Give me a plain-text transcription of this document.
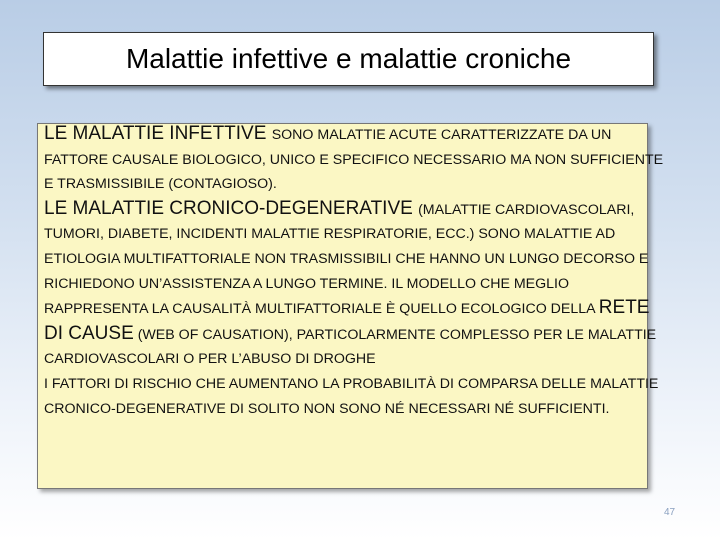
Malattie infettive e malattie croniche

LE MALATTIE INFETTIVE SONO MALATTIE ACUTE CARATTERIZZATE DA UN FATTORE CAUSALE BIOLOGICO, UNICO E SPECIFICO NECESSARIO MA NON SUFFICIENTE E TRASMISSIBILE (CONTAGIOSO).

LE MALATTIE CRONICO-DEGENERATIVE (MALATTIE CARDIOVASCOLARI, TUMORI, DIABETE, INCIDENTI MALATTIE RESPIRATORIE, ECC.) SONO MALATTIE AD ETIOLOGIA MULTIFATTORIALE NON TRASMISSIBILI CHE HANNO UN LUNGO DECORSO E RICHIEDONO UN’ASSISTENZA A LUNGO TERMINE. IL MODELLO CHE MEGLIO RAPPRESENTA LA CAUSALITÀ MULTIFATTORIALE È QUELLO ECOLOGICO DELLA RETE DI CAUSE (WEB OF CAUSATION), PARTICOLARMENTE COMPLESSO PER LE MALATTIE CARDIOVASCOLARI O PER L’ABUSO DI DROGHE

I FATTORI DI RISCHIO CHE AUMENTANO LA PROBABILITÀ DI COMPARSA DELLE MALATTIE CRONICO-DEGENERATIVE DI SOLITO NON SONO NÉ NECESSARI NÉ SUFFICIENTI.

47
